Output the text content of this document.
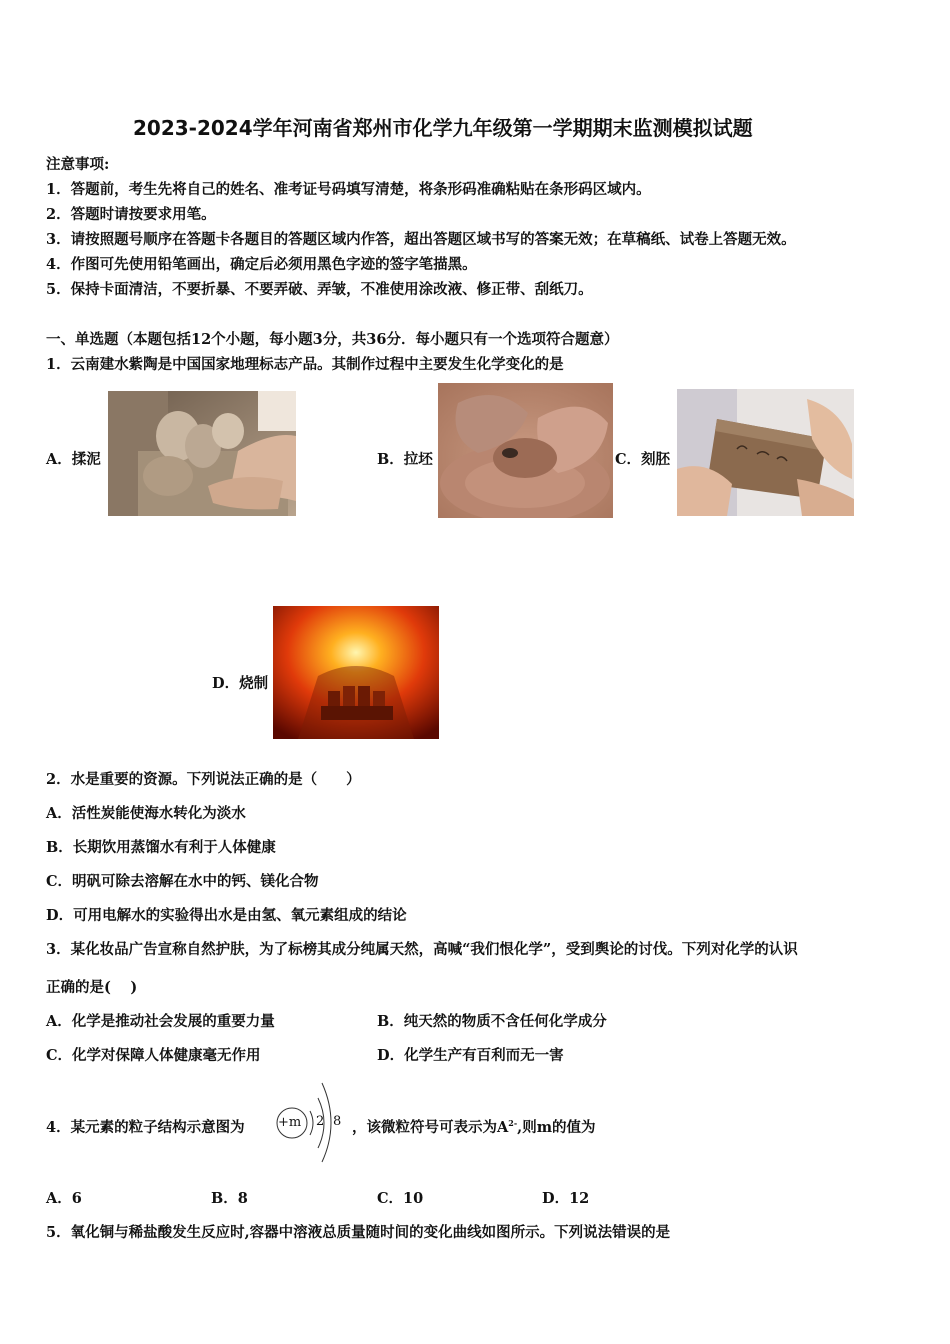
2023-2024学年河南省郑州市化学九年级第一学期期末监测模拟试题
注意事项:
1．答题前，考生先将自己的姓名、准考证号码填写清楚，将条形码准确粘贴在条形码区域内。
2．答题时请按要求用笔。
3．请按照题号顺序在答题卡各题目的答题区域内作答，超出答题区域书写的答案无效；在草稿纸、试卷上答题无效。
4．作图可先使用铅笔画出，确定后必须用黑色字迹的签字笔描黑。
5．保持卡面清洁，不要折暴、不要弄破、弄皱，不准使用涂改液、修正带、刮纸刀。
一、单选题（本题包括12个小题，每小题3分，共36分．每小题只有一个选项符合题意）
1．云南建水紫陶是中国国家地理标志产品。其制作过程中主要发生化学变化的是
A．揉泥	B．拉坯	C．刻胚
D．烧制
2．水是重要的资源。下列说法正确的是（　　）
A．活性炭能使海水转化为淡水
B．长期饮用蒸馏水有利于人体健康
C．明矾可除去溶解在水中的钙、镁化合物
D．可用电解水的实验得出水是由氢、氧元素组成的结论
3．某化妆品广告宣称自然护肤，为了标榜其成分纯属天然，高喊“我们恨化学”，受到舆论的讨伐。下列对化学的认识
正确的是(　 )
A．化学是推动社会发展的重要力量	B．纯天然的物质不含任何化学成分
C．化学对保障人体健康毫无作用	D．化学生产有百利而无一害
4．某元素的粒子结构示意图为	+m 2 8 ，该微粒符号可表示为$A^{2-}$,则m的值为
A．6	B．8	C．10	D．12
5．氧化铜与稀盐酸发生反应时,容器中溶液总质量随时间的变化曲线如图所示。下列说法错误的是
